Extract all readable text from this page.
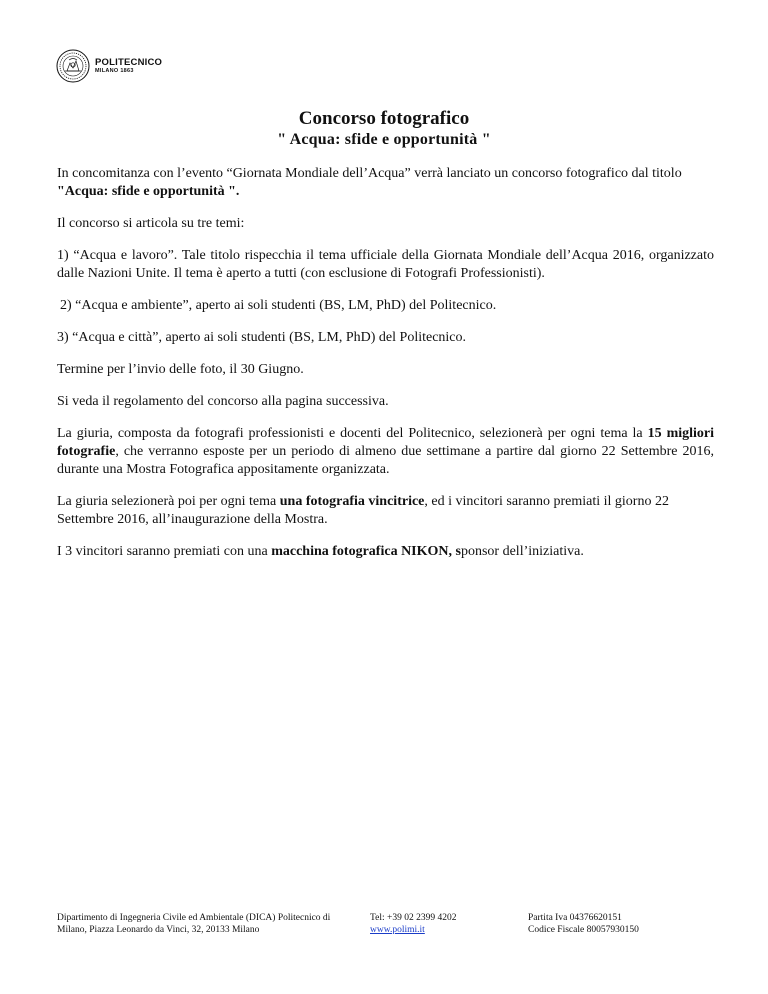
POLITECNICO
MILANO 1863
Concorso fotografico
" Acqua: sfide e opportunità "

In concomitanza con l’evento “Giornata Mondiale dell’Acqua” verrà lanciato un concorso fotografico dal titolo "Acqua: sfide e opportunità ".

Il concorso si articola su tre temi:

1) “Acqua e lavoro”. Tale titolo rispecchia il tema ufficiale della Giornata Mondiale dell’Acqua 2016, organizzato dalle Nazioni Unite. Il tema è aperto a tutti (con esclusione di Fotografi Professionisti).

2) “Acqua e ambiente”, aperto ai soli studenti (BS, LM, PhD) del Politecnico.

3) “Acqua e città”, aperto ai soli studenti (BS, LM, PhD) del Politecnico.

Termine per l’invio delle foto, il 30 Giugno.

Si veda il regolamento del concorso alla pagina successiva.

La giuria, composta da fotografi professionisti e docenti del Politecnico, selezionerà per ogni tema la 15 migliori fotografie, che verranno esposte per un periodo di almeno due settimane a partire dal giorno 22 Settembre 2016, durante una Mostra Fotografica appositamente organizzata.

La giuria selezionerà poi per ogni tema una fotografia vincitrice, ed i vincitori saranno premiati il giorno 22 Settembre 2016, all’inaugurazione della Mostra.

I 3 vincitori saranno premiati con una macchina fotografica NIKON, sponsor dell’iniziativa.

Dipartimento di Ingegneria Civile ed Ambientale (DICA) Politecnico di
Milano, Piazza Leonardo da Vinci, 32, 20133 Milano
Tel: +39 02 2399 4202
www.polimi.it
Partita Iva 04376620151
Codice Fiscale 80057930150
